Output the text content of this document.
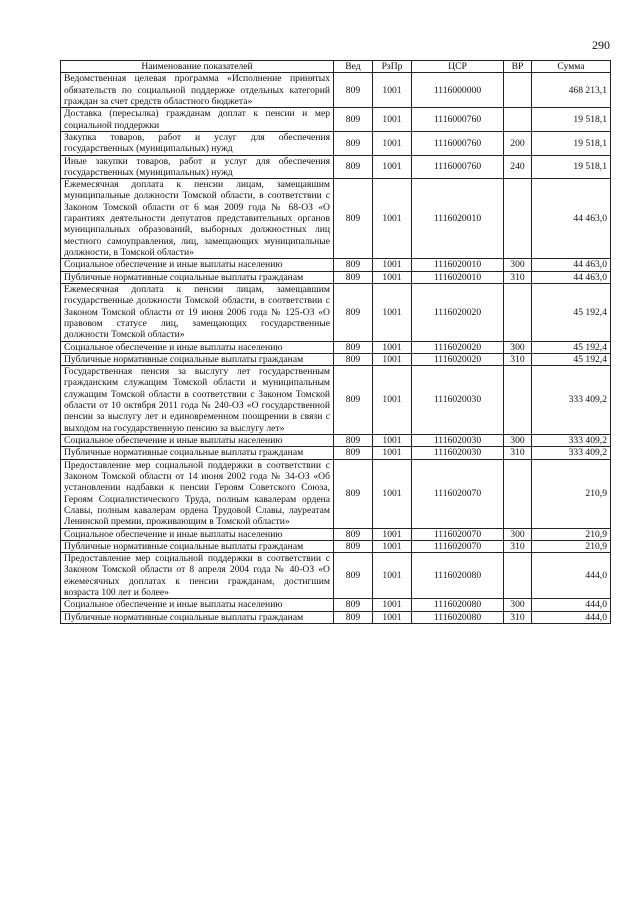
290
Наименование показателей	Вед	РзПр	ЦСР	ВР	Сумма
Ведомственная целевая программа «Исполнение принятых обязательств по социальной поддержке отдельных категорий граждан за счет средств областного бюджета»	809	1001	1116000000		468 213,1
Доставка (пересылка) гражданам доплат к пенсии и мер социальной поддержки	809	1001	1116000760		19 518,1
Закупка товаров, работ и услуг для обеспечения государственных (муниципальных) нужд	809	1001	1116000760	200	19 518,1
Иные закупки товаров, работ и услуг для обеспечения государственных (муниципальных) нужд	809	1001	1116000760	240	19 518,1
Ежемесячная доплата к пенсии лицам, замещавшим муниципальные должности Томской области, в соответствии с Законом Томской области от 6 мая 2009 года № 68-ОЗ «О гарантиях деятельности депутатов представительных органов муниципальных образований, выборных должностных лиц местного самоуправления, лиц, замещающих муниципальные должности, в Томской области»	809	1001	1116020010		44 463,0
Социальное обеспечение и иные выплаты населению	809	1001	1116020010	300	44 463,0
Публичные нормативные социальные выплаты гражданам	809	1001	1116020010	310	44 463,0
Ежемесячная доплата к пенсии лицам, замещавшим государственные должности Томской области, в соответствии с Законом Томской области от 19 июня 2006 года № 125-ОЗ «О правовом статусе лиц, замещающих государственные должности Томской области»	809	1001	1116020020		45 192,4
Социальное обеспечение и иные выплаты населению	809	1001	1116020020	300	45 192,4
Публичные нормативные социальные выплаты гражданам	809	1001	1116020020	310	45 192,4
Государственная пенсия за выслугу лет государственным гражданским служащим Томской области и муниципальным служащим Томской области в соответствии с Законом Томской области от 10 октября 2011 года № 240-ОЗ «О государственной пенсии за выслугу лет и единовременном поощрении в связи с выходом на государственную пенсию за выслугу лет»	809	1001	1116020030		333 409,2
Социальное обеспечение и иные выплаты населению	809	1001	1116020030	300	333 409,2
Публичные нормативные социальные выплаты гражданам	809	1001	1116020030	310	333 409,2
Предоставление мер социальной поддержки в соответствии с Законом Томской области от 14 июня 2002 года № 34-ОЗ «Об установлении надбавки к пенсии Героям Советского Союза, Героям Социалистического Труда, полным кавалерам ордена Славы, полным кавалерам ордена Трудовой Славы, лауреатам Ленинской премии, проживающим в Томской области»	809	1001	1116020070		210,9
Социальное обеспечение и иные выплаты населению	809	1001	1116020070	300	210,9
Публичные нормативные социальные выплаты гражданам	809	1001	1116020070	310	210,9
Предоставление мер социальной поддержки в соответствии с Законом Томской области от 8 апреля 2004 года № 40-ОЗ «О ежемесячных доплатах к пенсии гражданам, достигшим возраста 100 лет и более»	809	1001	1116020080		444,0
Социальное обеспечение и иные выплаты населению	809	1001	1116020080	300	444,0
Публичные нормативные социальные выплаты гражданам	809	1001	1116020080	310	444,0
